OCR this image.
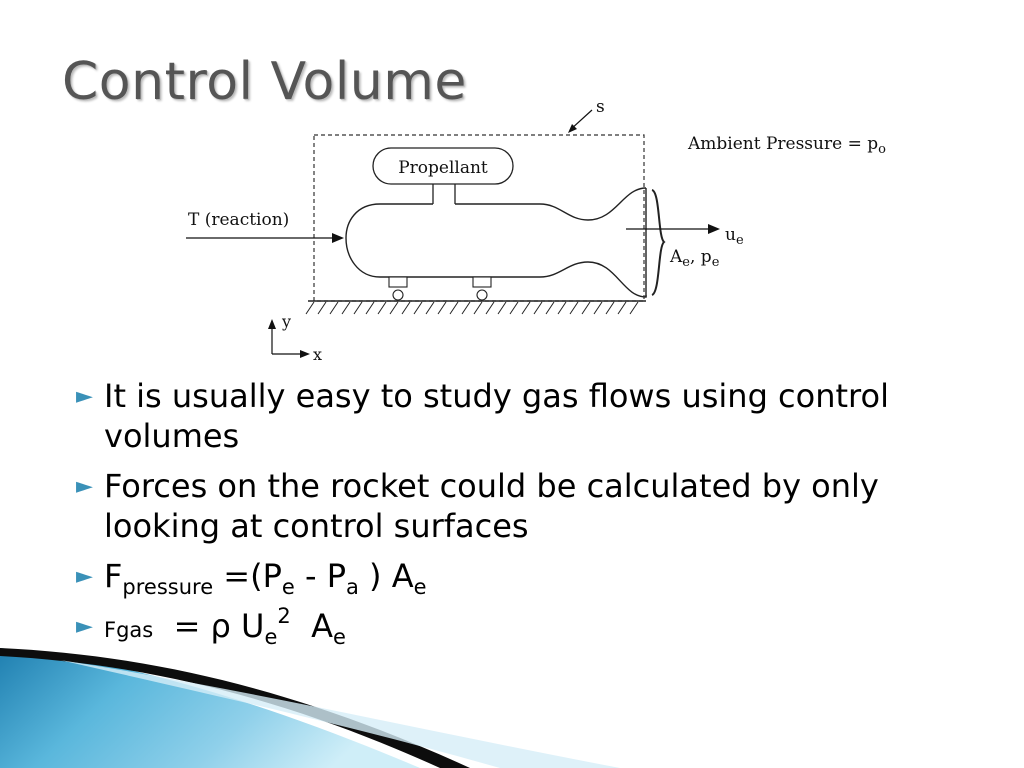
Control Volume	s
Ambient Pressure = $p_o$
Propellant
T (reaction)
$u_e$
$A_e$, $p_e$
y
x
► It is usually easy to study gas flows using control volumes
► Forces on the rocket could be calculated by only looking at control surfaces
► $F_{pressure} =(P_e - P_a$ ) $A_e$
► Fgas = ρ $U_e^2$ $A_e$
